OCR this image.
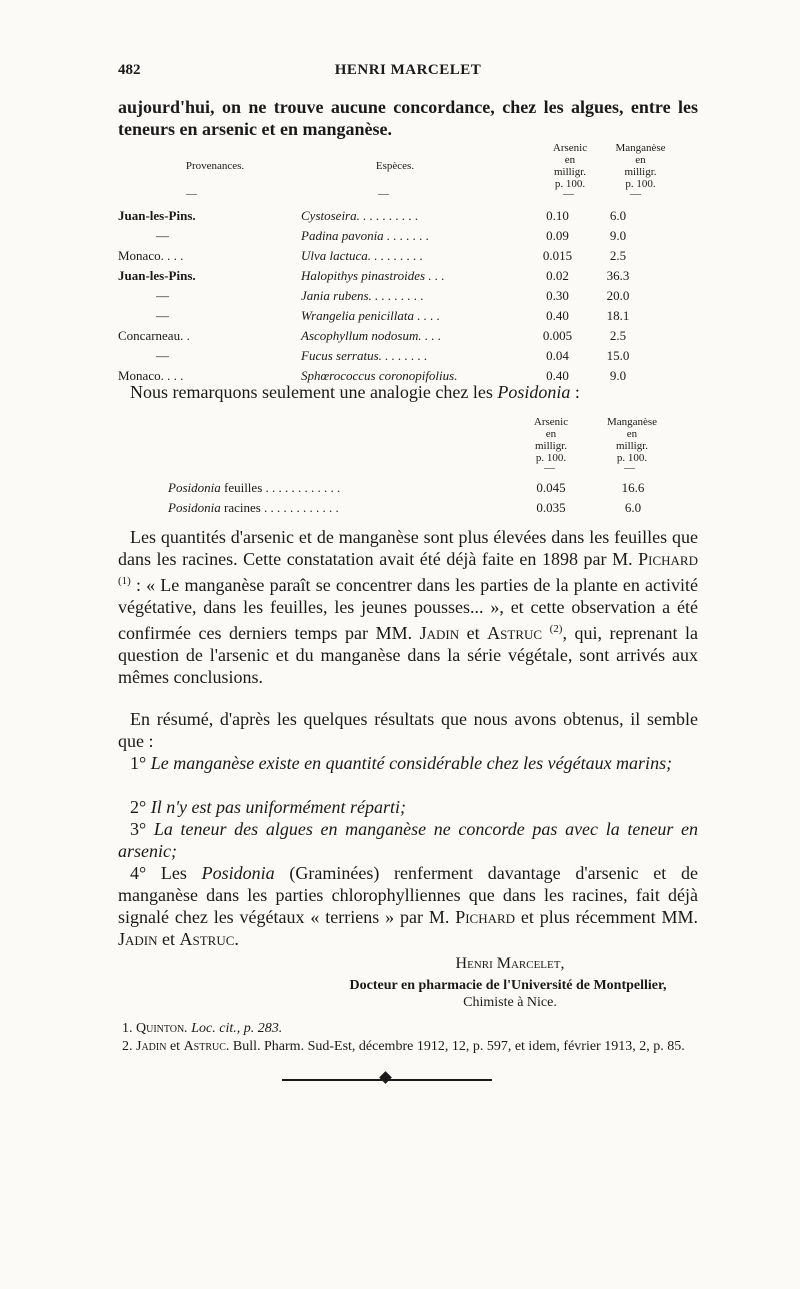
482	HENRI MARCELET

aujourd'hui, on ne trouve aucune concordance, chez les algues, entre les teneurs en arsenic et en manganèse.

Provenances.	Espèces.
Arsenic
en
milligr.
p. 100.
Manganèse
en
milligr.
p. 100.
—	—	—	—
Juan-les-Pins.	Cystoseira. . . . . . . . . .	0.10	6.0
—	Padina pavonia . . . . . . .	0.09	9.0
Monaco. . . .	Ulva lactuca. . . . . . . . .	0.015	2.5
Juan-les-Pins.	Halopithys pinastroides . . .	0.02	36.3
—	Jania rubens. . . . . . . . .	0.30	20.0
—	Wrangelia penicillata . . . .	0.40	18.1
Concarneau. .	Ascophyllum nodosum. . . .	0.005	2.5
—	Fucus serratus. . . . . . . .	0.04	15.0
Monaco. . . .	Sphœrococcus coronopifolius.	0.40	9.0

Nous remarquons seulement une analogie chez les Posidonia :

Arsenic
en
milligr.
p. 100.
Manganèse
en
milligr.
p. 100.
—	—
Posidonia feuilles . . . . . . . . . . . .	0.045	16.6
Posidonia racines . . . . . . . . . . . .	0.035	6.0

Les quantités d'arsenic et de manganèse sont plus élevées dans les feuilles que dans les racines. Cette constatation avait été déjà faite en 1898 par M. Pichard $^{(1)}$ : « Le manganèse paraît se concentrer dans les parties de la plante en activité végétative, dans les feuilles, les jeunes pousses... », et cette observation a été confirmée ces derniers temps par MM. Jadin et Astruc $^{(2)}$, qui, reprenant la question de l'arsenic et du manganèse dans la série végétale, sont arrivés aux mêmes conclusions.

En résumé, d'après les quelques résultats que nous avons obtenus, il semble que :

1° Le manganèse existe en quantité considérable chez les végétaux marins;

2° Il n'y est pas uniformément réparti;

3° La teneur des algues en manganèse ne concorde pas avec la teneur en arsenic;

4° Les Posidonia (Graminées) renferment davantage d'arsenic et de manganèse dans les parties chlorophylliennes que dans les racines, fait déjà signalé chez les végétaux « terriens » par M. Pichard et plus récemment MM. Jadin et Astruc.

Henri Marcelet,
Docteur en pharmacie de l'Université de Montpellier,
Chimiste à Nice.

1. Quinton. Loc. cit., p. 283.

2. Jadin et Astruc. Bull. Pharm. Sud-Est, décembre 1912, 12, p. 597, et idem, février 1913, 2, p. 85.
